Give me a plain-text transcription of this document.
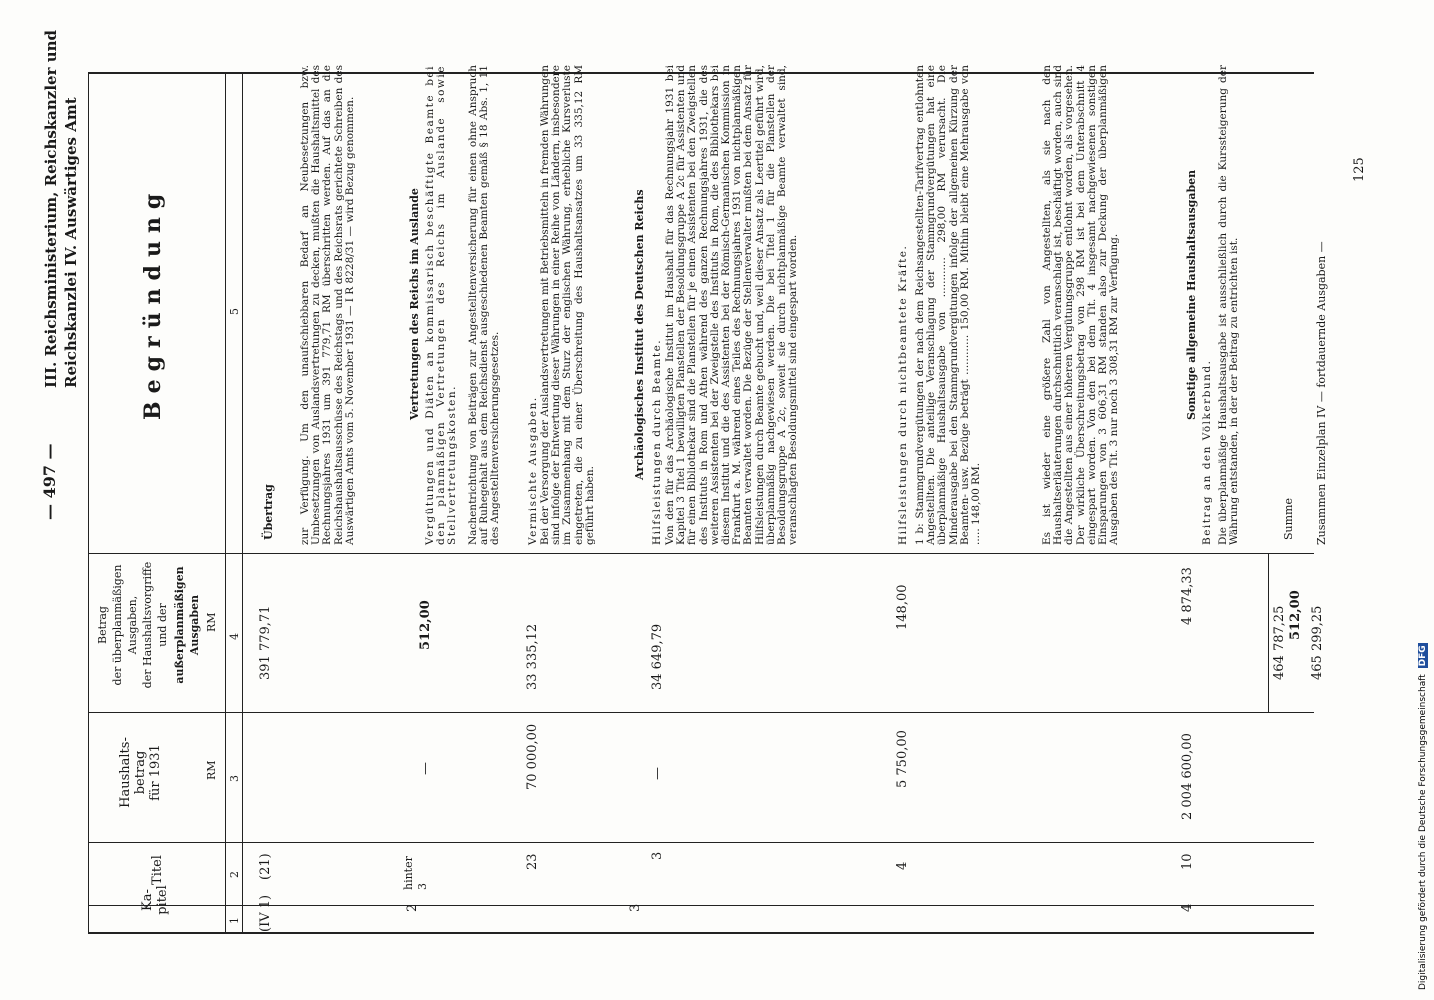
— 497 —
III. Reichsministerium, Reichskanzler und Reichskanzlei IV. Auswärtiges Amt
Ka-
pitel
Titel
Haushalts-
betrag
für 1931	RM
Betrag
der überplanmäßigen
Ausgaben,
der Haushaltsvorgriffe
und der außerplanmäßigen
Ausgaben RM
Begründung
1
2
3
4
5
(IV 1)
(21)
391 779,71
Übertrag zur Verfügung. Um den unaufschiebbaren Bedarf an Neubesetzungen bzw. Umbesetzungen von Auslandsvertretungen zu decken, mußten die Haushaltsmittel des Rechnungsjahres 1931 um 391 779,71 RM überschritten werden. Auf das an die Reichshaushaltsausschüsse des Reichstags und des Reichsrats gerichtete Schreiben des Auswärtigen Amts vom 5. November 1931 — I R 8228/31 — wird Bezug genommen.
2
hinter
3
—
512,00
Vertretungen des Reichs im Auslande Vergütungen und Diäten an kommissarisch beschäftigte Beamte bei den planmäßigen Vertretungen des Reichs im Auslande sowie Stellvertretungskosten. Nachentrichtung von Beiträgen zur Angestelltenversicherung für einen ohne Anspruch auf Ruhegehalt aus dem Reichsdienst ausgeschiedenen Beamten gemäß § 18 Abs. 1, 11 des Angestelltenversicherungsgesetzes.
23
70 000,00
33 335,12
Vermischte Ausgaben. Bei der Versorgung der Auslandsvertretungen mit Betriebsmitteln in fremden Währungen sind infolge der Entwertung dieser Währungen in einer Reihe von Ländern, insbesondere im Zusammenhang mit dem Sturz der englischen Währung, erhebliche Kursverluste eingetreten, die zu einer Überschreitung des Haushaltsansatzes um 33 335,12 RM geführt haben.
3
3
—
34 649,79
Archäologisches Institut des Deutschen Reichs Hilfsleistungen durch Beamte. Von den für das Archäologische Institut im Haushalt für das Rechnungsjahr 1931 bei Kapitel 3 Titel 1 bewilligten Planstellen der Besoldungsgruppe A 2c für Assistenten und für einen Bibliothekar sind die Planstellen für je einen Assistenten bei den Zweigstellen des Instituts in Rom und Athen während des ganzen Rechnungsjahres 1931, die des weiteren Assistenten bei der Zweigstelle des Instituts in Rom, die des Bibliothekars bei diesem Institut und die des Assistenten bei der Römisch-Germanischen Kommission in Frankfurt a. M. während eines Teiles des Rechnungsjahres 1931 von nichtplanmäßigen Beamten verwaltet worden. Die Bezüge der Stellenverwalter mußten bei dem Ansatz für Hilfsleistungen durch Beamte gebucht und, weil dieser Ansatz als Leertitel geführt wird, überplanmäßig nachgewiesen werden. Die bei Titel 1 für die Planstellen der Besoldungsgruppe A 2c, soweit sie durch nichtplanmäßige Beamte verwaltet sind, veranschlagten Besoldungsmittel sind eingespart worden.
4
5 750,00
148,00
Hilfsleistungen durch nichtbeamtete Kräfte. 1 b: Stammgrundvergütungen der nach dem Reichsangestellten-Tarifvertrag entlohnten Angestellten. Die anteilige Veranschlagung der Stammgrundvergütungen hat eine überplanmäßige Haushaltsausgabe von ............ 298,00 RM verursacht. Die Minderausgabe bei den Stammgrundvergütungen infolge der allgemeinen Kürzung der Beamten- usw. Bezüge beträgt ............ 150,00 RM. Mithin bleibt eine Mehrausgabe von ..... 148,00 RM.	Es ist wieder eine größere Zahl von Angestellten, als sie nach den Haushaltserläuterungen durchschnittlich veranschlagt ist, beschäftigt worden, auch sind die Angestellten aus einer höheren Vergütungsgruppe entlohnt worden, als vorgesehen. Der wirkliche Überschreitungsbetrag von 298 RM ist bei dem Unterabschnitt 4 eingespart worden. Von den bei dem Tit. 4 insgesamt nachgewiesenen sonstigen Einsparungen von 3 606,31 RM standen also zur Deckung der überplanmäßigen Ausgaben des Tit. 3 nur noch 3 308,31 RM zur Verfügung.
4
10
2 004 600,00
4 874,33
Sonstige allgemeine Haushaltsausgaben
Beitrag an den Völkerbund. Die überplanmäßige Haushaltsausgabe ist ausschließlich durch die Kurssteigerung der Währung entstanden, in der der Beitrag zu entrichten ist.
464 787,25 512,00
Summe
465 299,25
Zusammen Einzelplan IV — fortdauernde Ausgaben —
125
Digitalisierung gefördert durch die Deutsche Forschungsgemeinschaft DFG
